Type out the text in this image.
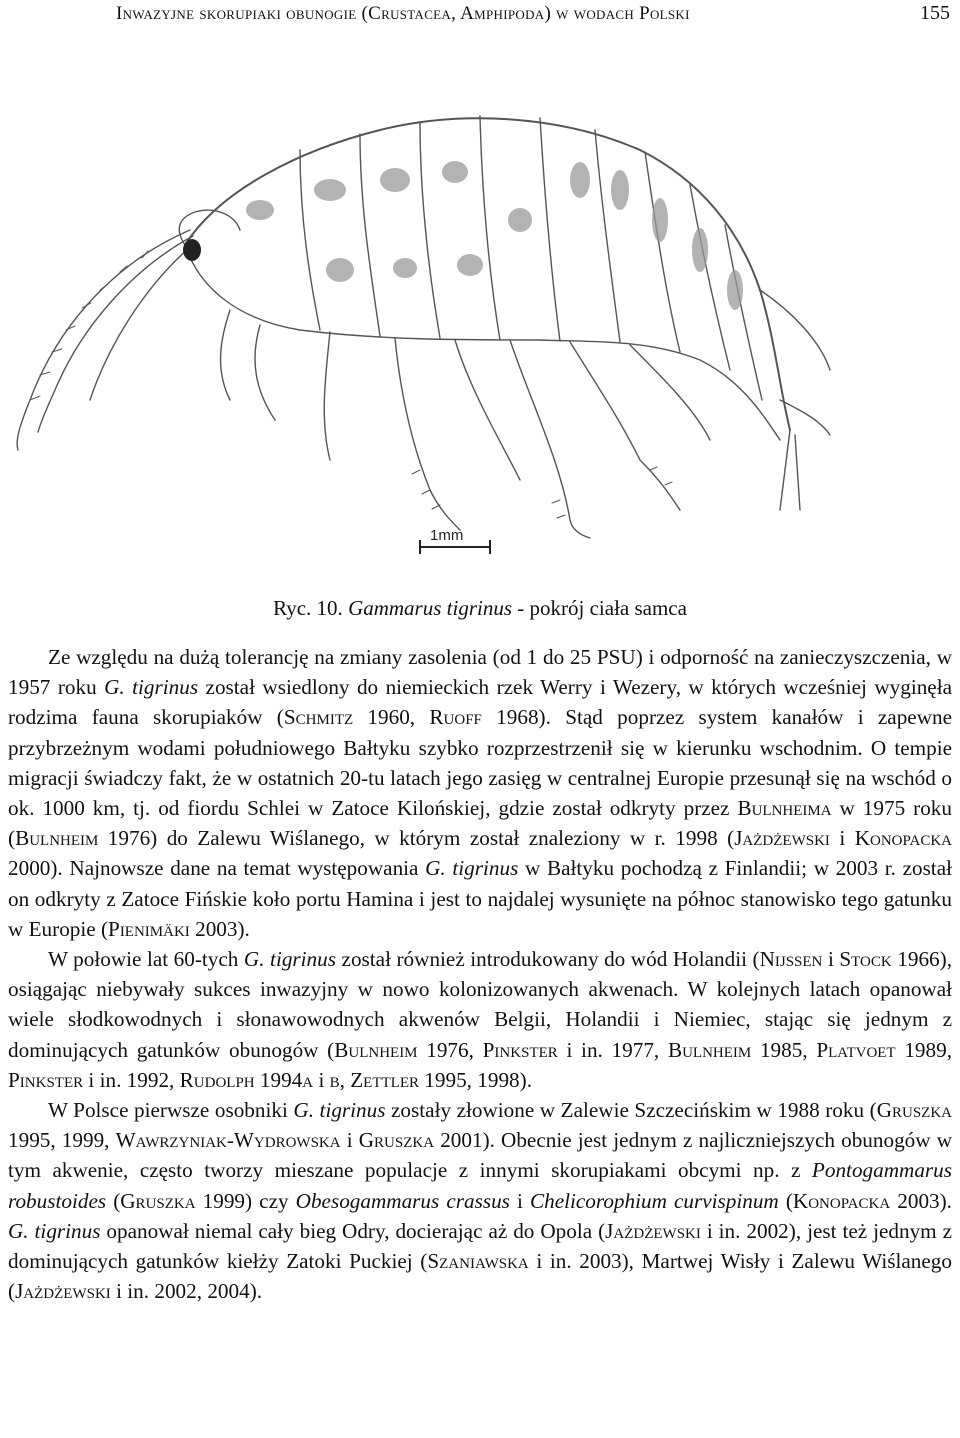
Inwazyjne skorupiaki obunogie (Crustacea, Amphipoda) w wodach Polski	155
1mm
Ryc. 10. Gammarus tigrinus - pokrój ciała samca

Ze względu na dużą tolerancję na zmiany zasolenia (od 1 do 25 PSU) i odporność na zanieczyszczenia, w 1957 roku G. tigrinus został wsiedlony do niemieckich rzek Werry i Wezery, w których wcześniej wyginęła rodzima fauna skorupiaków (Schmitz 1960, Ruoff 1968). Stąd poprzez system kanałów i zapewne przybrzeżnym wodami południowego Bałtyku szybko rozprzestrzenił się w kierunku wschodnim. O tempie migracji świadczy fakt, że w ostatnich 20-tu latach jego zasięg w centralnej Europie przesunął się na wschód o ok. 1000 km, tj. od fiordu Schlei w Zatoce Kilońskiej, gdzie został odkryty przez Bulnheima w 1975 roku (Bulnheim 1976) do Zalewu Wiślanego, w którym został znaleziony w r. 1998 (Jażdżewski i Konopacka 2000). Najnowsze dane na temat występowania G. tigrinus w Bałtyku pochodzą z Finlandii; w 2003 r. został on odkryty z Zatoce Fińskie koło portu Hamina i jest to najdalej wysunięte na północ stanowisko tego gatunku w Europie (Pienimäki 2003).

W połowie lat 60-tych G. tigrinus został również introdukowany do wód Holandii (Nijssen i Stock 1966), osiągając niebywały sukces inwazyjny w nowo kolonizowanych akwenach. W kolejnych latach opanował wiele słodkowodnych i słonawowodnych akwenów Belgii, Holandii i Niemiec, stając się jednym z dominujących gatunków obunogów (Bulnheim 1976, Pinkster i in. 1977, Bulnheim 1985, Platvoet 1989, Pinkster i in. 1992, Rudolph 1994a i b, Zettler 1995, 1998).

W Polsce pierwsze osobniki G. tigrinus zostały złowione w Zalewie Szczecińskim w 1988 roku (Gruszka 1995, 1999, Wawrzyniak-Wydrowska i Gruszka 2001). Obecnie jest jednym z najliczniejszych obunogów w tym akwenie, często tworzy mieszane populacje z innymi skorupiakami obcymi np. z Pontogammarus robustoides (Gruszka 1999) czy Obesogammarus crassus i Chelicorophium curvispinum (Konopacka 2003). G. tigrinus opanował niemal cały bieg Odry, docierając aż do Opola (Jażdżewski i in. 2002), jest też jednym z dominujących gatunków kiełży Zatoki Puckiej (Szaniawska i in. 2003), Martwej Wisły i Zalewu Wiślanego (Jażdżewski i in. 2002, 2004).
